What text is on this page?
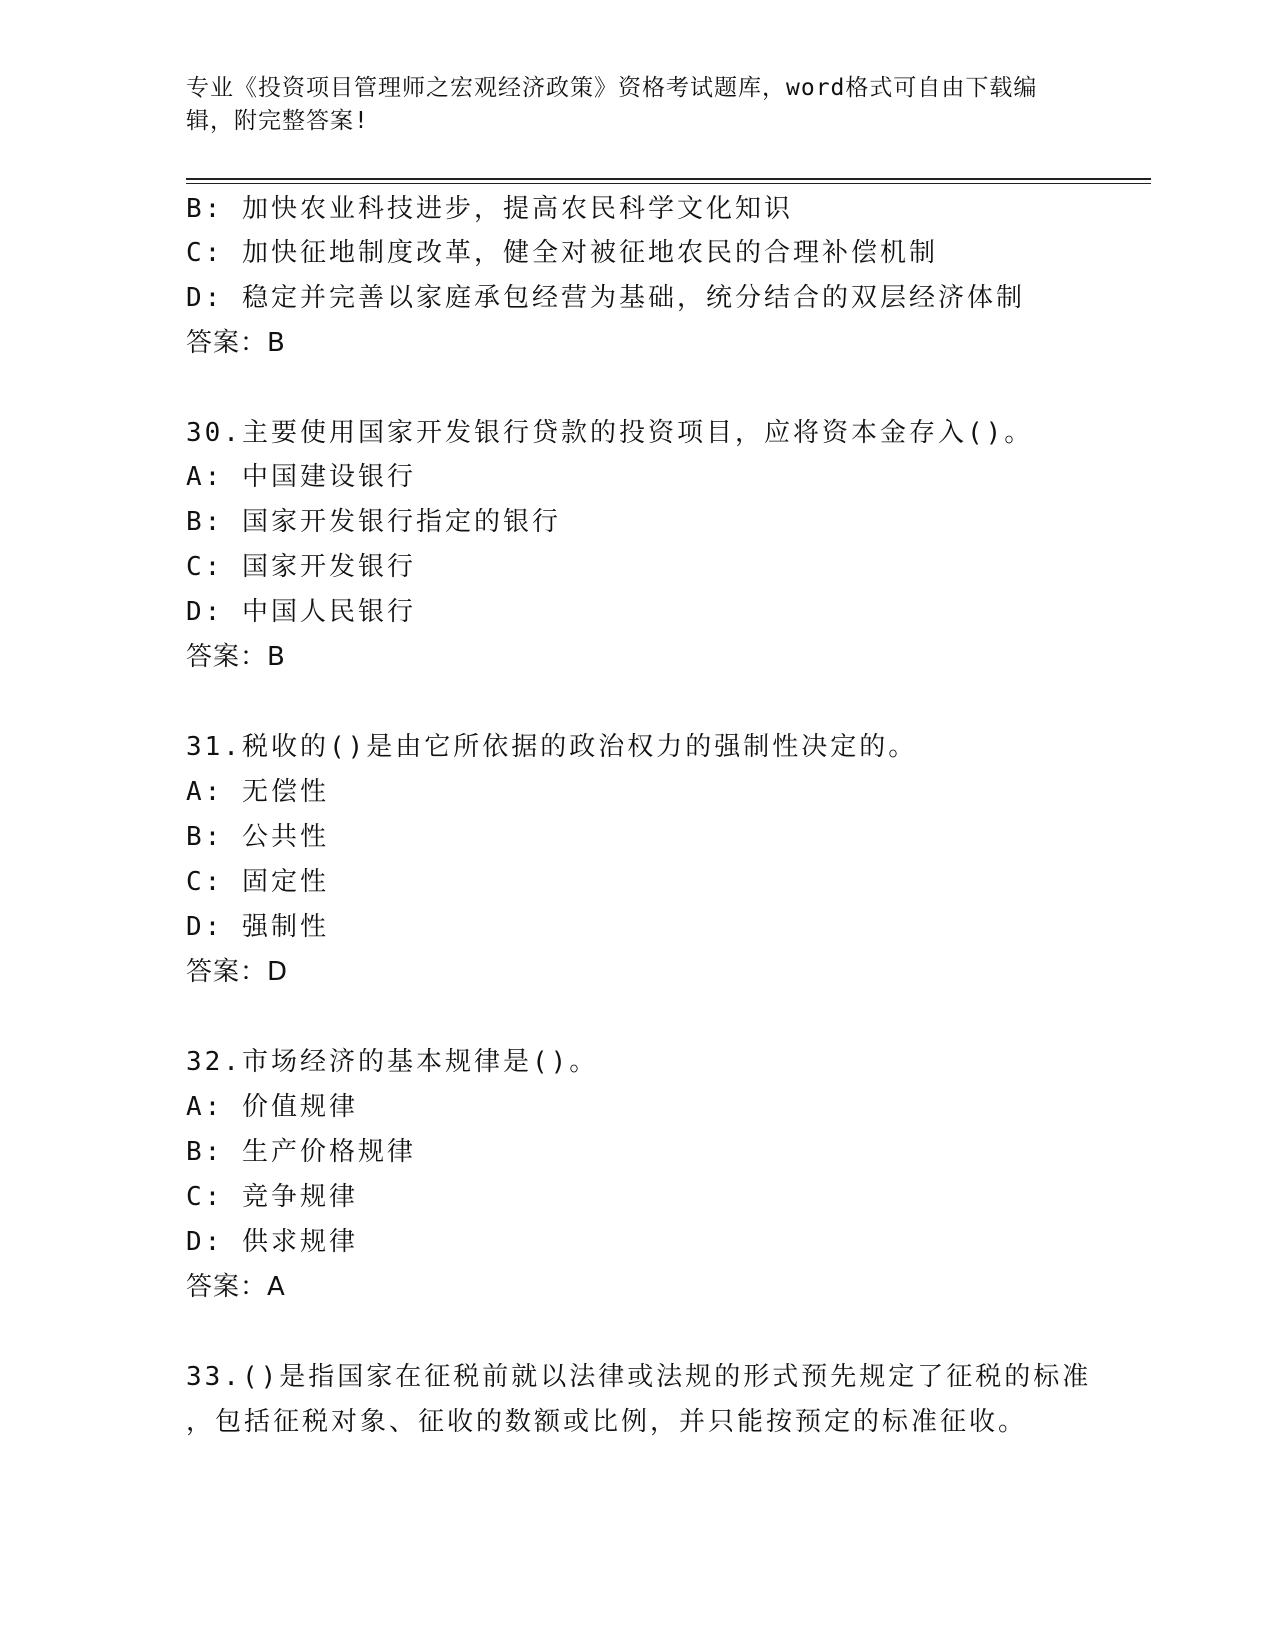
专业《投资项目管理师之宏观经济政策》资格考试题库，word格式可自由下载编
辑，附完整答案!
B: 加快农业科技进步，提高农民科学文化知识
C: 加快征地制度改革，健全对被征地农民的合理补偿机制
D: 稳定并完善以家庭承包经营为基础，统分结合的双层经济体制
答案：B
30.主要使用国家开发银行贷款的投资项目，应将资本金存入()。
A: 中国建设银行
B: 国家开发银行指定的银行
C: 国家开发银行
D: 中国人民银行
答案：B
31.税收的()是由它所依据的政治权力的强制性决定的。
A: 无偿性
B: 公共性
C: 固定性
D: 强制性
答案：D
32.市场经济的基本规律是()。
A: 价值规律
B: 生产价格规律
C: 竞争规律
D: 供求规律
答案：A
33.()是指国家在征税前就以法律或法规的形式预先规定了征税的标准
，包括征税对象、征收的数额或比例，并只能按预定的标准征收。
